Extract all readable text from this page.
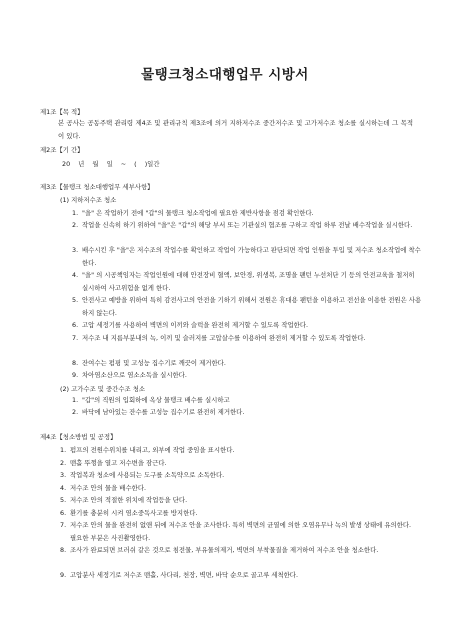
물탱크청소대행업무 시방서
제1조【목 적】
본 공사는 공동주택 관리령 제4조 및 관리규칙 제3조에 의거 지하저수조 중간저수조 및 고가저수조 청소를 실시하는데 그 목적이 있다.
제2조【기 간】
20 년 월 일 ~ ( )일간
제3조【물탱크 청소대행업무 세부사항】
(1) 지하저수조 청소
1. "을" 은 작업하기 전에 "갑"의 물탱크 청소작업에 필요한 제반사항을 점검 확인한다.
2. 작업을 신속히 하기 위하여 "을"은 "갑"의 해당 부서 또는 기관실의 협조를 구하고 작업 하루 전날 배수작업을 실시한다.
3. 배수시킨 후 "을"은 저수조의 작업수를 확인하고 작업이 가능하다고 판단되면 작업 인원을 투입 및 저수조 청소작업에 착수한다.
4. "을" 의 시공책임자는 작업인원에 대해 안전장비 혈액, 보안경, 위생복, 조명을 팬턴 누선처단 기 등의 안전교육을 철저히 실시하여 사고위험을 없게 한다.
5. 안전사고 예방을 위하여 특히 감전사고의 안전을 기하기 위해서 전원은 휴대용 팬턴을 이용하고 전선을 이용한 전원은 사용하지 않는다.
6. 고압 세정기를 사용하여 벽면의 이끼와 슬럭을 완전히 제거할 수 있도록 작업한다.
7. 저수조 내 지름부분내의 녹, 이끼 및 슬러지를 고압살수를 이용하여 완전히 제거할 수 있도록 작업한다.
8. 잔여수는 펌핑 및 고성능 집수기로 깨끗이 제거한다.
9. 차아염소산으로 염소소독을 실시한다.
(2) 고가수조 및 중간수조 청소
1. "갑"의 직원의 입회하에 옥상 물탱크 배수를 실시하고
2. 바닥에 남아있는 잔수를 고성능 집수기로 완전히 제거한다.
제4조【청소방법 및 공정】
1. 펌프의 전원수위치를 내리고, 외부에 작업 중임을 표시한다.
2. 맨홀 뚜껑을 열고 저수변을 잠근다.
3. 작업복과 청소에 사용되는 도구를 소독약으로 소독한다.
4. 저수조 안의 물을 배수한다.
5. 저수조 안의 적절한 위치에 작업등을 단다.
6. 환기를 충분히 시켜 염소중독사고를 방지한다.
7. 저수조 안의 물을 완전히 없앤 뒤에 저수조 안을 조사한다. 특히 벽면의 균열에 의한 오염유무나 녹의 발생 상태에 유의한다. 필요한 부분은 사진촬영한다.
8. 조사가 완료되면 브러쉬 같은 것으로 침전물, 부유물의제거, 벽면의 부착물질을 제거하여 저수조 안을 청소한다.
9. 고압분사 세정기로 저수조 맨홀, 사다리, 천장, 벽면, 바닥 순으로 골고루 세척한다.
